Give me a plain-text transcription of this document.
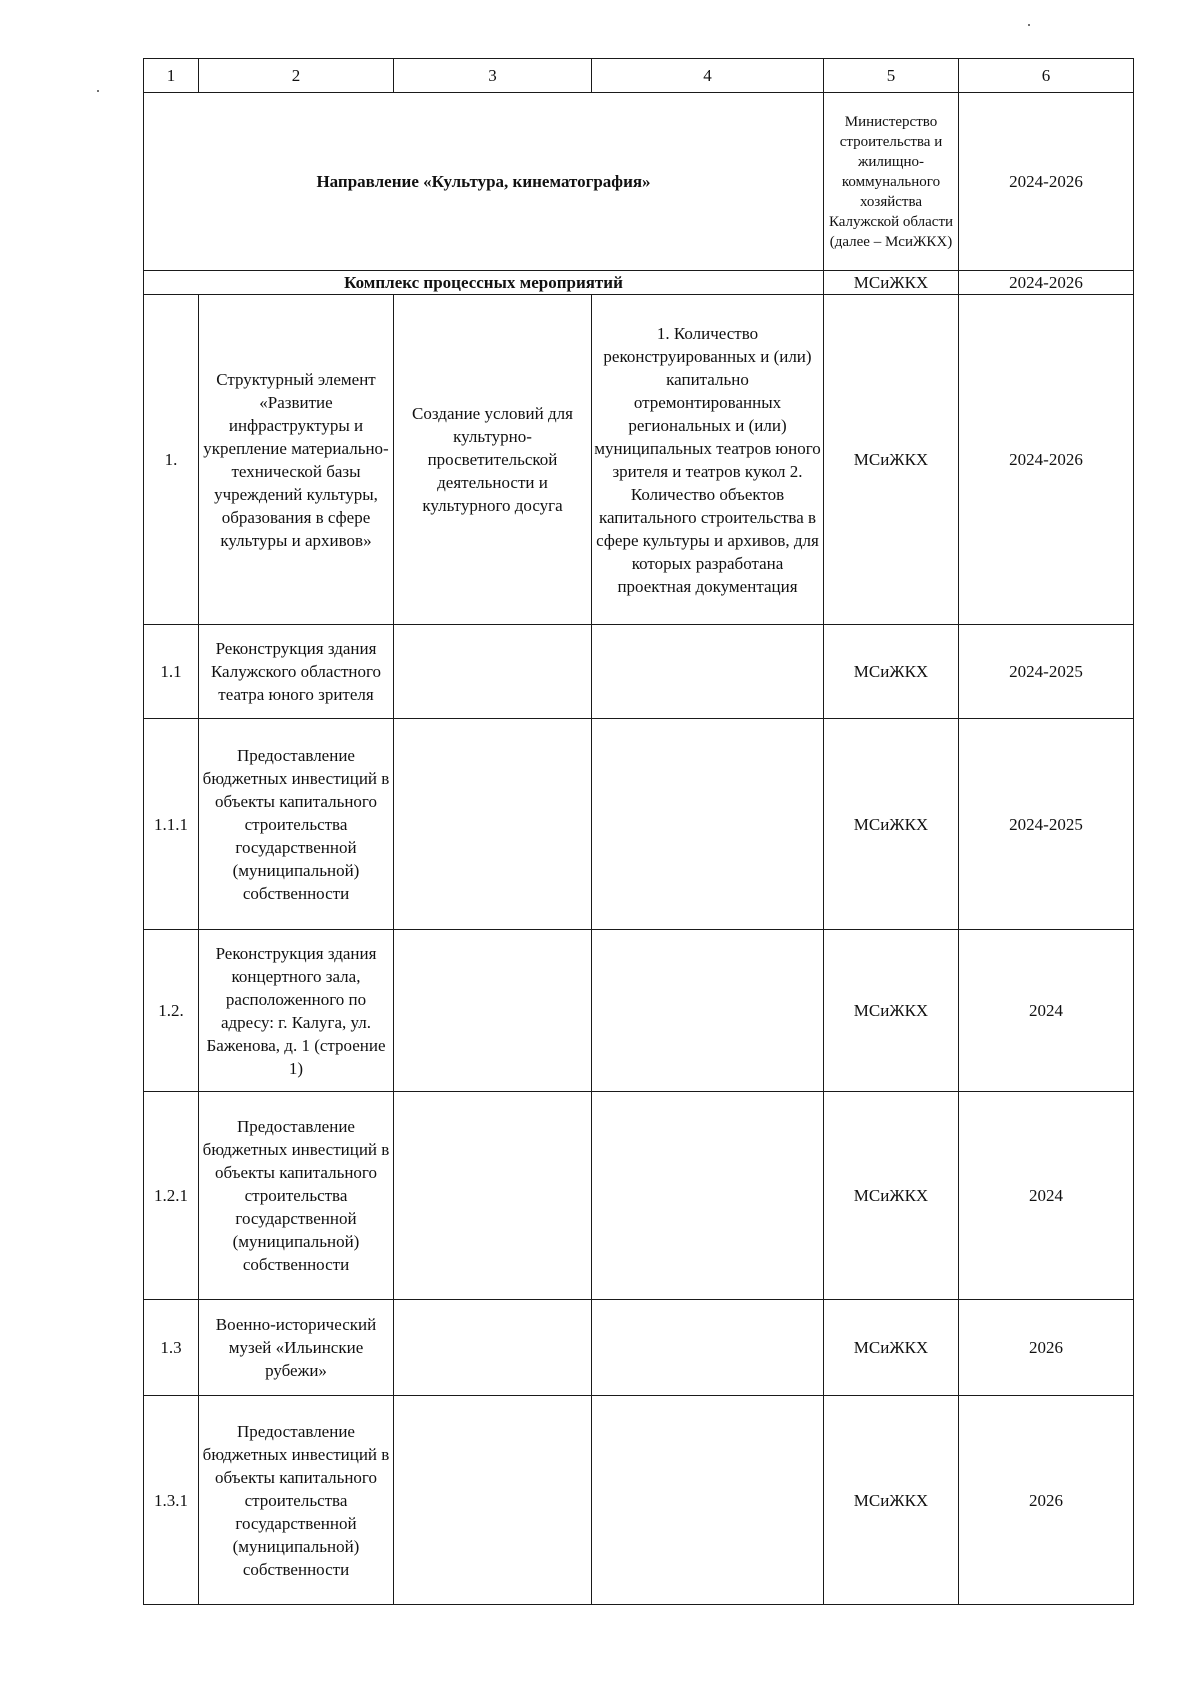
1	2	3	4	5	6
Направление «Культура, кинематография»				Министерство строительства и жилищно-коммунального хозяйства Калужской области (далее – МсиЖКХ)	2024-2026
Комплекс процессных мероприятий				МСиЖКХ	2024-2026
1.	Структурный элемент «Развитие инфраструктуры и укрепление материально-технической базы учреждений культуры, образования в сфере культуры и архивов»	Создание условий для культурно-просветительской деятельности и культурного досуга	1. Количество реконструированных и (или) капитально отремонтированных региональных и (или) муниципальных театров юного зрителя и театров кукол 2. Количество объектов капитального строительства в сфере культуры и архивов, для которых разработана проектная документация	МСиЖКХ	2024-2026
1.1	Реконструкция здания Калужского областного театра юного зрителя			МСиЖКХ	2024-2025
1.1.1	Предоставление бюджетных инвестиций в объекты капитального строительства государственной (муниципальной) собственности			МСиЖКХ	2024-2025
1.2.	Реконструкция здания концертного зала, расположенного по адресу: г. Калуга, ул. Баженова, д. 1 (строение 1)			МСиЖКХ	2024
1.2.1	Предоставление бюджетных инвестиций в объекты капитального строительства государственной (муниципальной) собственности			МСиЖКХ	2024
1.3	Военно-исторический музей «Ильинские рубежи»			МСиЖКХ	2026
1.3.1	Предоставление бюджетных инвестиций в объекты капитального строительства государственной (муниципальной) собственности			МСиЖКХ	2026
